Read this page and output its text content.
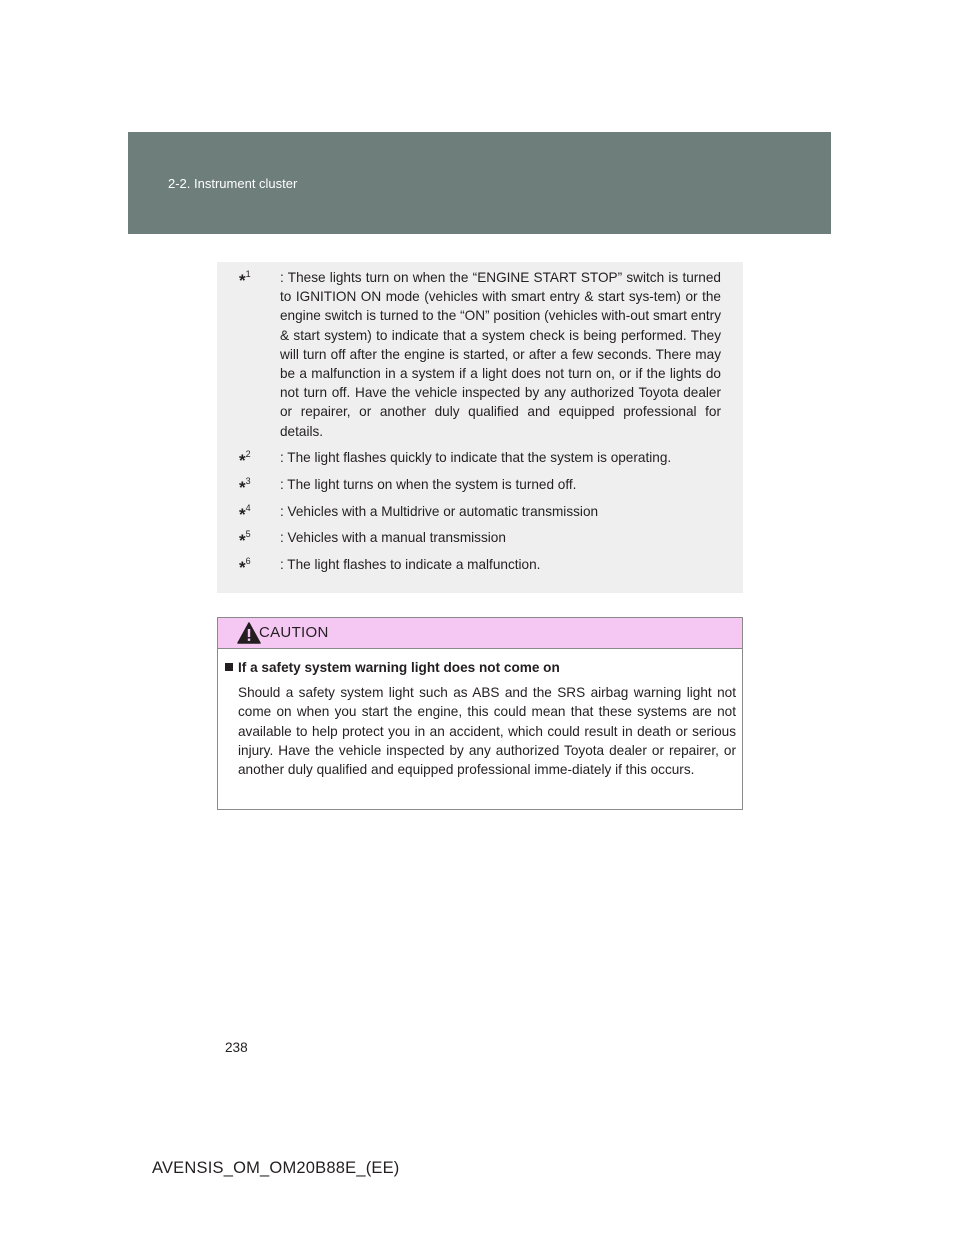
2-2. Instrument cluster
*$^1$	: These lights turn on when the “ENGINE START STOP” switch is turned to IGNITION ON mode (vehicles with smart entry & start sys-tem) or the engine switch is turned to the “ON” position (vehicles with-out smart entry & start system) to indicate that a system check is being performed. They will turn off after the engine is started, or after a few seconds. There may be a malfunction in a system if a light does not turn on, or if the lights do not turn off. Have the vehicle inspected by any authorized Toyota dealer or repairer, or another duly qualified and equipped professional for details.
*$^2$	: The light flashes quickly to indicate that the system is operating.
*$^3$	: The light turns on when the system is turned off.
*$^4$	: Vehicles with a Multidrive or automatic transmission
*$^5$	: Vehicles with a manual transmission
*$^6$	: The light flashes to indicate a malfunction.
CAUTION
If a safety system warning light does not come on
Should a safety system light such as ABS and the SRS airbag warning light not come on when you start the engine, this could mean that these systems are not available to help protect you in an accident, which could result in death or serious injury. Have the vehicle inspected by any authorized Toyota dealer or repairer, or another duly qualified and equipped professional imme-diately if this occurs.
238
AVENSIS_OM_OM20B88E_(EE)
